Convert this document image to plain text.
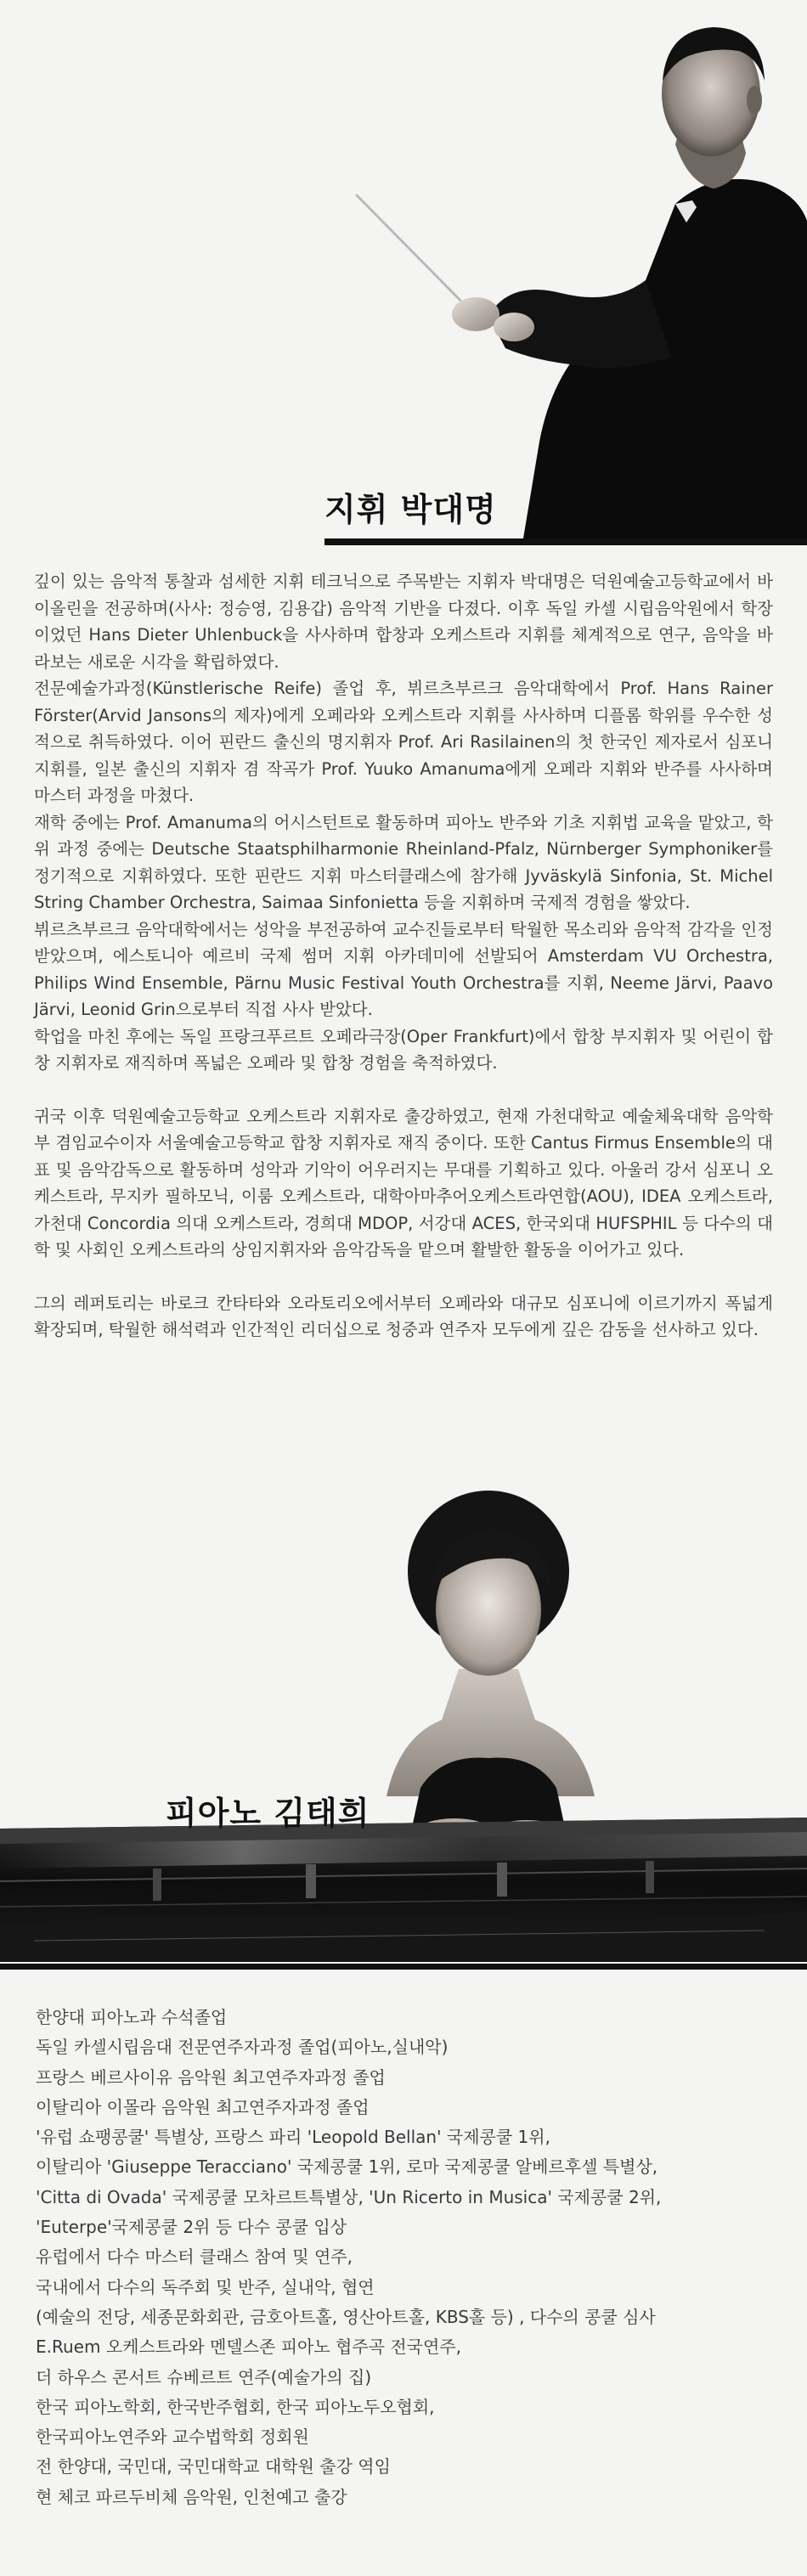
지휘 박대명

깊이 있는 음악적 통찰과 섬세한 지휘 테크닉으로 주목받는 지휘자 박대명은 덕원예술고등학교에서 바이올린을 전공하며(사사: 정승영, 김용갑) 음악적 기반을 다졌다. 이후 독일 카셀 시립음악원에서 학장이었던 Hans Dieter Uhlenbuck을 사사하며 합창과 오케스트라 지휘를 체계적으로 연구, 음악을 바라보는 새로운 시각을 확립하였다.

전문예술가과정(Künstlerische Reife) 졸업 후, 뷔르츠부르크 음악대학에서 Prof. Hans Rainer Förster(Arvid Jansons의 제자)에게 오페라와 오케스트라 지휘를 사사하며 디플롬 학위를 우수한 성적으로 취득하였다. 이어 핀란드 출신의 명지휘자 Prof. Ari Rasilainen의 첫 한국인 제자로서 심포니 지휘를, 일본 출신의 지휘자 겸 작곡가 Prof. Yuuko Amanuma에게 오페라 지휘와 반주를 사사하며 마스터 과정을 마쳤다.

재학 중에는 Prof. Amanuma의 어시스턴트로 활동하며 피아노 반주와 기초 지휘법 교육을 맡았고, 학위 과정 중에는 Deutsche Staatsphilharmonie Rheinland-Pfalz, Nürnberger Symphoniker를 정기적으로 지휘하였다. 또한 핀란드 지휘 마스터클래스에 참가해 Jyväskylä Sinfonia, St. Michel String Chamber Orchestra, Saimaa Sinfonietta 등을 지휘하며 국제적 경험을 쌓았다.

뷔르츠부르크 음악대학에서는 성악을 부전공하여 교수진들로부터 탁월한 목소리와 음악적 감각을 인정받았으며, 에스토니아 예르비 국제 썸머 지휘 아카데미에 선발되어 Amsterdam VU Orchestra, Philips Wind Ensemble, Pärnu Music Festival Youth Orchestra를 지휘, Neeme Järvi, Paavo Järvi, Leonid Grin으로부터 직접 사사 받았다.

학업을 마친 후에는 독일 프랑크푸르트 오페라극장(Oper Frankfurt)에서 합창 부지휘자 및 어린이 합창 지휘자로 재직하며 폭넓은 오페라 및 합창 경험을 축적하였다.

귀국 이후 덕원예술고등학교 오케스트라 지휘자로 출강하였고, 현재 가천대학교 예술체육대학 음악학부 겸임교수이자 서울예술고등학교 합창 지휘자로 재직 중이다. 또한 Cantus Firmus Ensemble의 대표 및 음악감독으로 활동하며 성악과 기악이 어우러지는 무대를 기획하고 있다. 아울러 강서 심포니 오케스트라, 무지카 필하모닉, 이룸 오케스트라, 대학아마추어오케스트라연합(AOU), IDEA 오케스트라, 가천대 Concordia 의대 오케스트라, 경희대 MDOP, 서강대 ACES, 한국외대 HUFSPHIL 등 다수의 대학 및 사회인 오케스트라의 상임지휘자와 음악감독을 맡으며 활발한 활동을 이어가고 있다.

그의 레퍼토리는 바로크 칸타타와 오라토리오에서부터 오페라와 대규모 심포니에 이르기까지 폭넓게 확장되며, 탁월한 해석력과 인간적인 리더십으로 청중과 연주자 모두에게 깊은 감동을 선사하고 있다.

피아노 김태희
한양대 피아노과 수석졸업
독일 카셀시립음대 전문연주자과정 졸업(피아노,실내악)
프랑스 베르사이유 음악원 최고연주자과정 졸업
이탈리아 이몰라 음악원 최고연주자과정 졸업
'유럽 쇼팽콩쿨' 특별상, 프랑스 파리 'Leopold Bellan' 국제콩쿨 1위,
이탈리아 'Giuseppe Teracciano' 국제콩쿨 1위, 로마 국제콩쿨 알베르후셀 특별상,
'Citta di Ovada' 국제콩쿨 모차르트특별상, 'Un Ricerto in Musica' 국제콩쿨 2위,
'Euterpe'국제콩쿨 2위 등 다수 콩쿨 입상
유럽에서 다수 마스터 클래스 참여 및 연주,
국내에서 다수의 독주회 및 반주, 실내악, 협연
(예술의 전당, 세종문화회관, 금호아트홀, 영산아트홀, KBS홀 등) , 다수의 콩쿨 심사
E.Ruem 오케스트라와 멘델스존 피아노 협주곡 전국연주,
더 하우스 콘서트 슈베르트 연주(예술가의 집)
한국 피아노학회, 한국반주협회, 한국 피아노두오협회,
한국피아노연주와 교수법학회 정회원
전 한양대, 국민대, 국민대학교 대학원 출강 역임
현 체코 파르두비체 음악원, 인천예고 출강
